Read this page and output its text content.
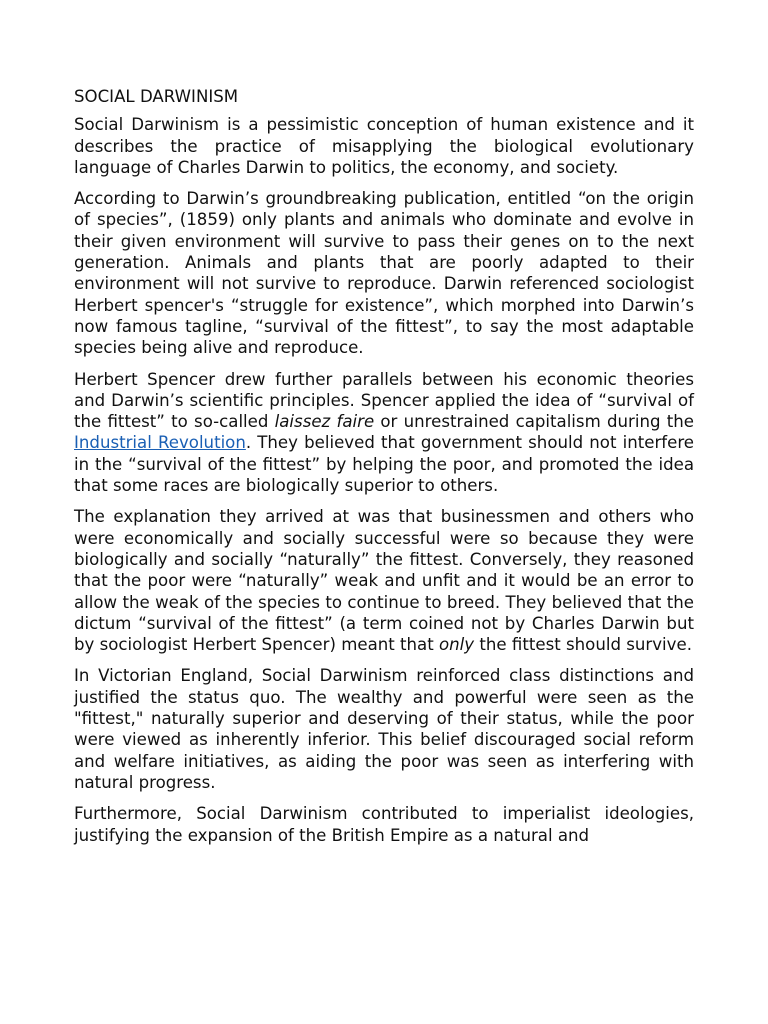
SOCIAL DARWINISM

Social Darwinism is a pessimistic conception of human existence and it describes the practice of misapplying the biological evolutionary language of Charles Darwin to politics, the economy, and society.

According to Darwin’s groundbreaking publication, entitled “on the origin of species”, (1859) only plants and animals who dominate and evolve in their given environment will survive to pass their genes on to the next generation. Animals and plants that are poorly adapted to their environment will not survive to reproduce. Darwin referenced sociologist Herbert spencer's “struggle for existence”, which morphed into Darwin’s now famous tagline, “survival of the fittest”, to say the most adaptable species being alive and reproduce.

Herbert Spencer drew further parallels between his economic theories and Darwin’s scientific principles. Spencer applied the idea of “survival of the fittest” to so-called laissez faire or unrestrained capitalism during the Industrial Revolution. They believed that government should not interfere in the “survival of the fittest” by helping the poor, and promoted the idea that some races are biologically superior to others.

The explanation they arrived at was that businessmen and others who were economically and socially successful were so because they were biologically and socially “naturally” the fittest. Conversely, they reasoned that the poor were “naturally” weak and unfit and it would be an error to allow the weak of the species to continue to breed. They believed that the dictum “survival of the fittest” (a term coined not by Charles Darwin but by sociologist Herbert Spencer) meant that only the fittest should survive.

In Victorian England, Social Darwinism reinforced class distinctions and justified the status quo. The wealthy and powerful were seen as the "fittest," naturally superior and deserving of their status, while the poor were viewed as inherently inferior. This belief discouraged social reform and welfare initiatives, as aiding the poor was seen as interfering with natural progress.

Furthermore, Social Darwinism contributed to imperialist ideologies, justifying the expansion of the British Empire as a natural and
